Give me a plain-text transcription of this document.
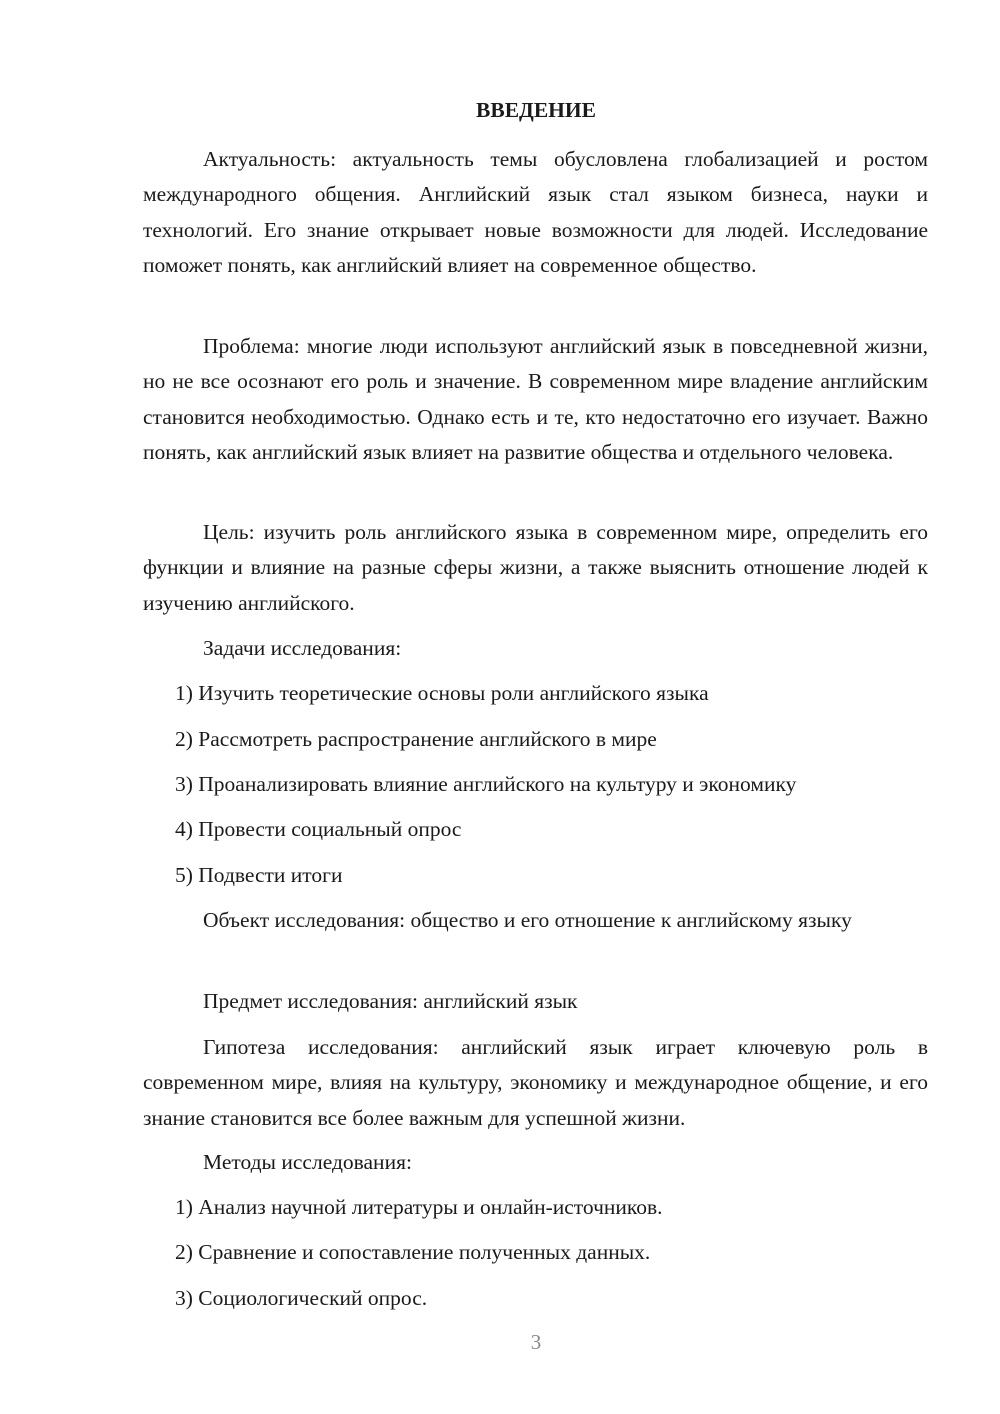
ВВЕДЕНИЕ
Актуальность: актуальность темы обусловлена глобализацией и ростом международного общения. Английский язык стал языком бизнеса, науки и технологий. Его знание открывает новые возможности для людей. Исследование поможет понять, как английский влияет на современное общество.
Проблема: многие люди используют английский язык в повседневной жизни, но не все осознают его роль и значение. В современном мире владение английским становится необходимостью. Однако есть и те, кто недостаточно его изучает. Важно понять, как английский язык влияет на развитие общества и отдельного человека.
Цель: изучить роль английского языка в современном мире, определить его функции и влияние на разные сферы жизни, а также выяснить отношение людей к изучению английского.
Задачи исследования:
1) Изучить теоретические основы роли английского языка
2) Рассмотреть распространение английского в мире
3) Проанализировать влияние английского на культуру и экономику
4) Провести социальный опрос
5) Подвести итоги
Объект исследования: общество и его отношение к английскому языку
Предмет исследования: английский язык
Гипотеза исследования: английский язык играет ключевую роль в современном мире, влияя на культуру, экономику и международное общение, и его знание становится все более важным для успешной жизни.
Методы исследования:
1) Анализ научной литературы и онлайн-источников.
2) Сравнение и сопоставление полученных данных.
3) Социологический опрос.
3
